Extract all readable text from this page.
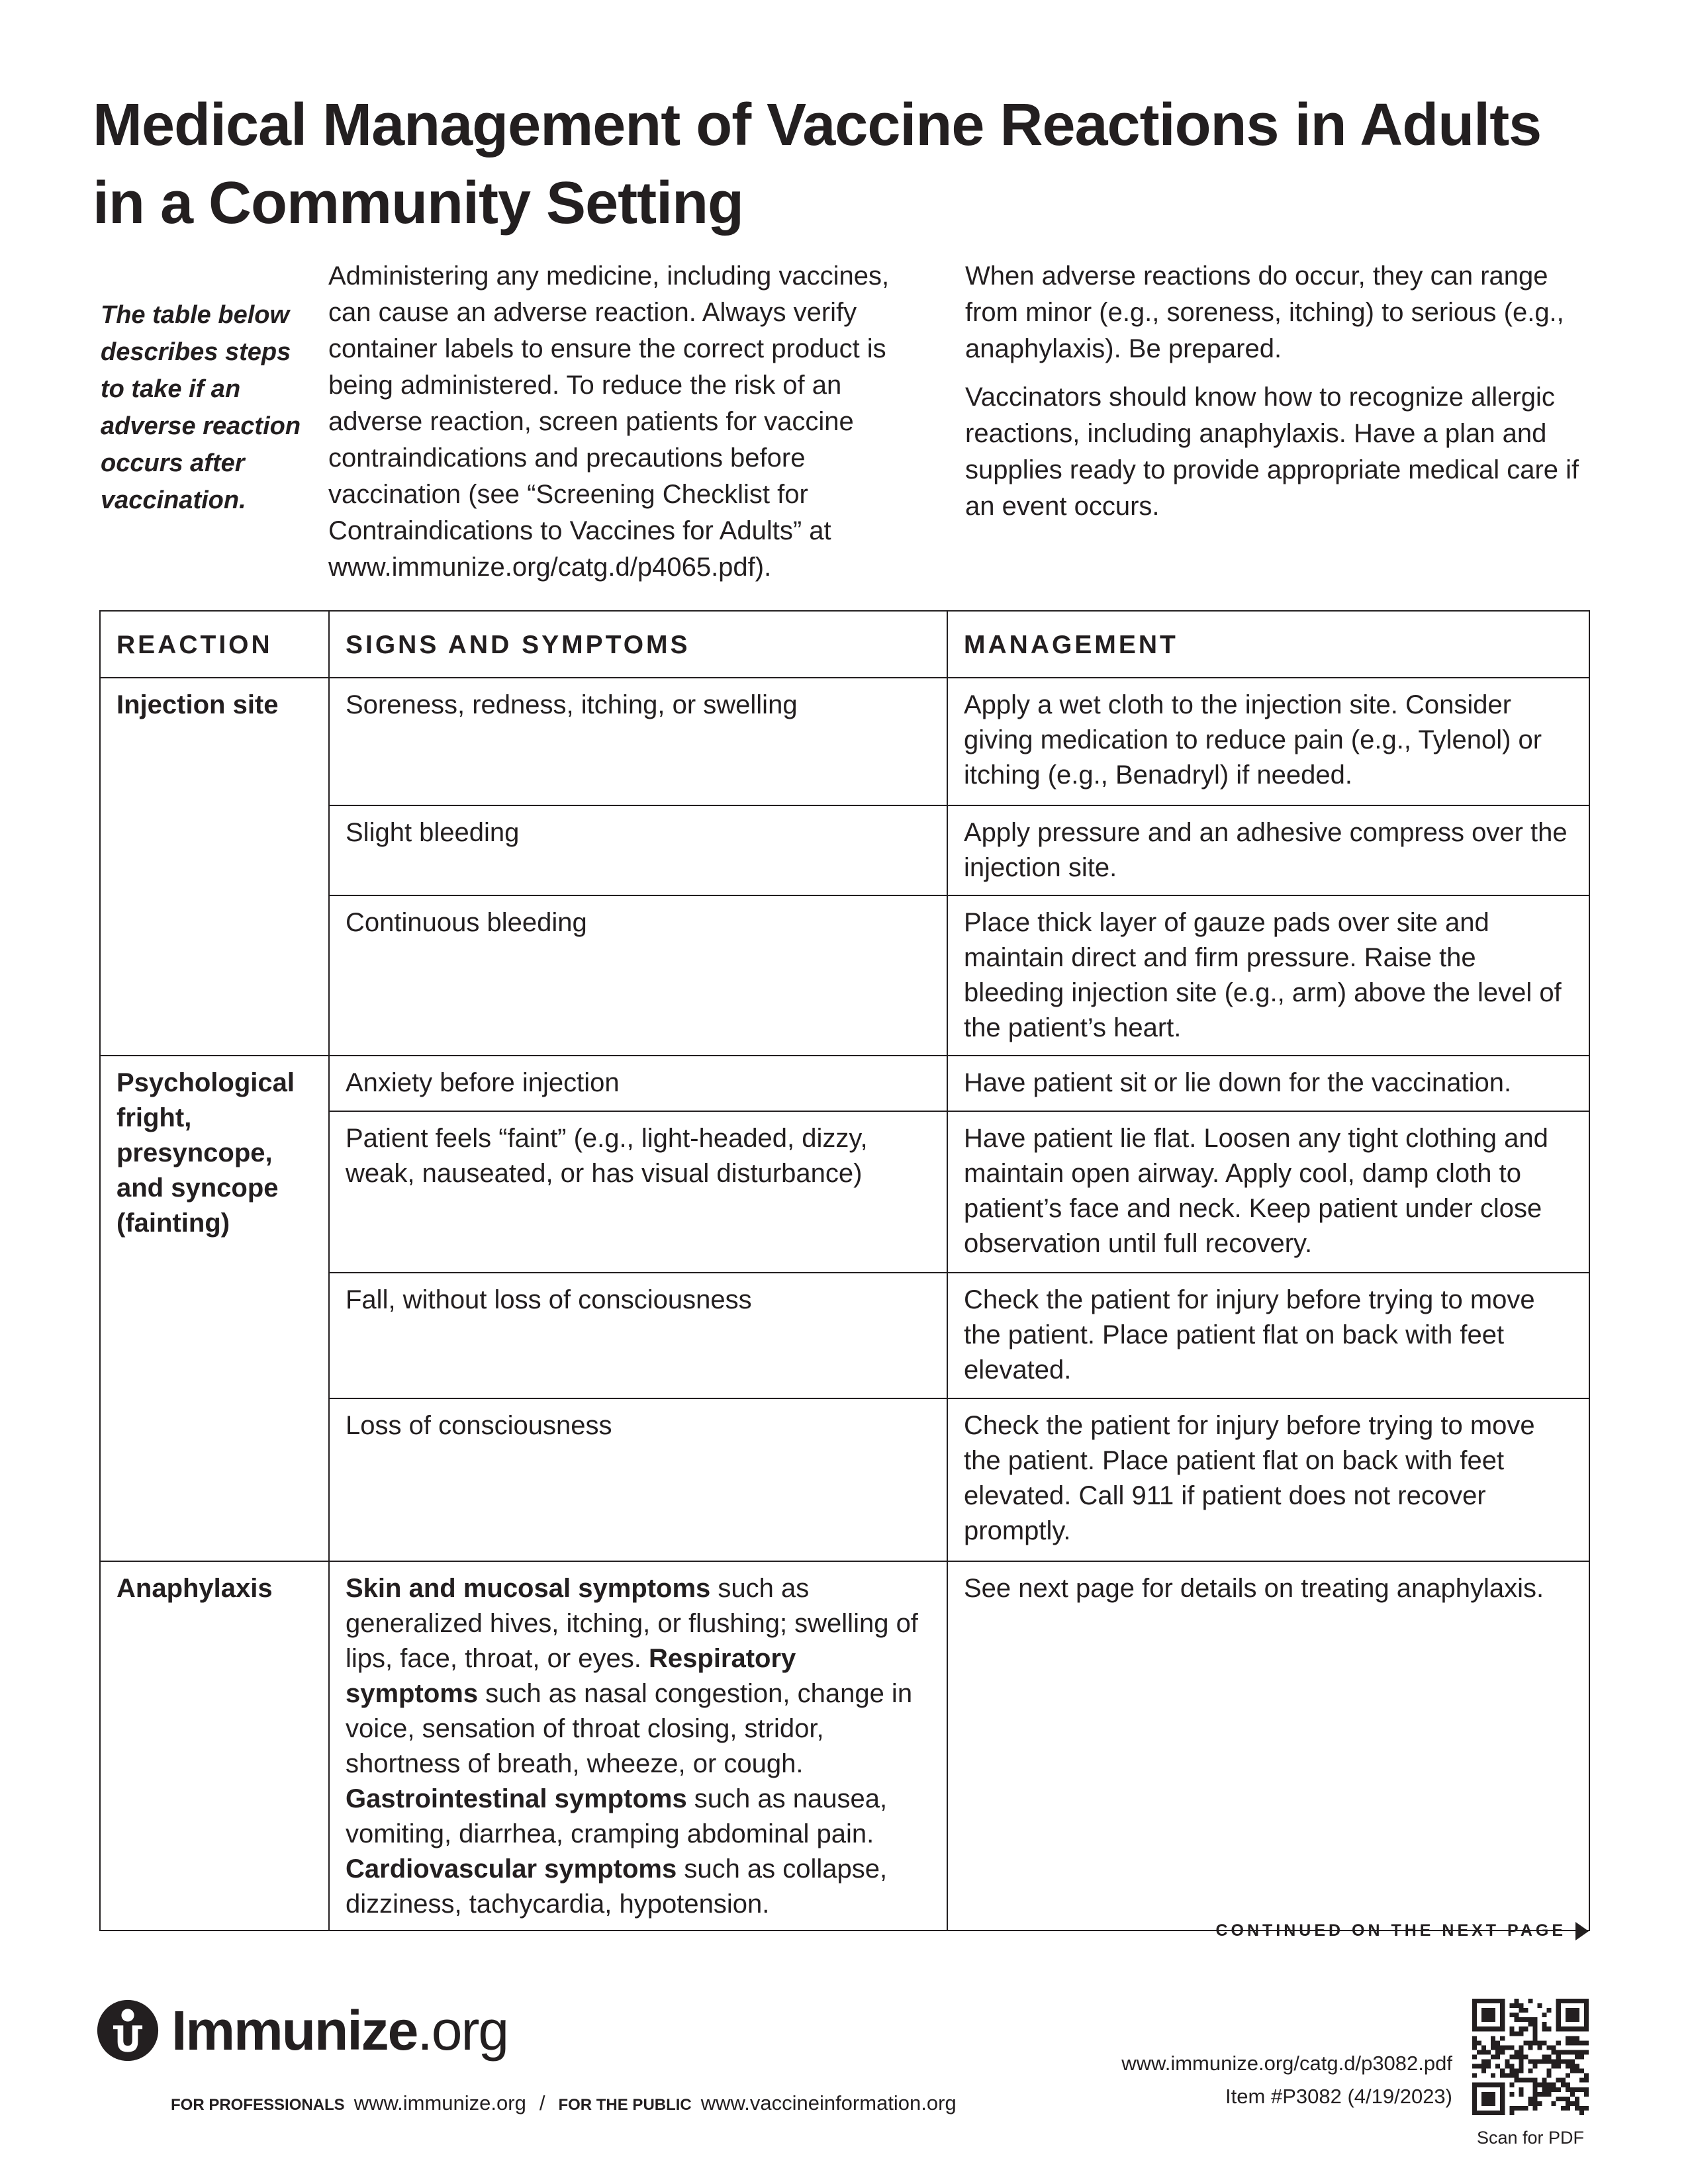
Medical Management of Vaccine Reactions in Adults
in a Community Setting
The table below describes steps to take if an adverse reaction occurs after vaccination.

Administering any medicine, including vaccines, can cause an adverse reaction. Always verify container labels to ensure the correct product is being administered. To reduce the risk of an adverse reaction, screen patients for vaccine contraindications and precautions before vaccination (see “Screening Checklist for Contraindications to Vaccines for Adults” at www.immunize.org/catg.d/p4065.pdf).

When adverse reactions do occur, they can range from minor (e.g., soreness, itching) to serious (e.g., anaphylaxis). Be prepared.

Vaccinators should know how to recognize allergic reactions, including anaphylaxis. Have a plan and supplies ready to provide appropriate medical care if an event occurs.

REACTION	SIGNS AND SYMPTOMS	MANAGEMENT
Injection site	Soreness, redness, itching, or swelling	Apply a wet cloth to the injection site. Consider giving medication to reduce pain (e.g., Tylenol) or itching (e.g., Benadryl) if needed.
	Slight bleeding	Apply pressure and an adhesive compress over the injection site.
	Continuous bleeding	Place thick layer of gauze pads over site and maintain direct and firm pressure. Raise the bleeding injection site (e.g., arm) above the level of the patient’s heart.
Psychological fright, presyncope, and syncope (fainting)	Anxiety before injection	Have patient sit or lie down for the vaccination.
	Patient feels “faint” (e.g., light-headed, dizzy, weak, nauseated, or has visual disturbance)	Have patient lie flat. Loosen any tight clothing and maintain open airway. Apply cool, damp cloth to patient’s face and neck. Keep patient under close observation until full recovery.
	Fall, without loss of consciousness	Check the patient for injury before trying to move the patient. Place patient flat on back with feet elevated.
	Loss of consciousness	Check the patient for injury before trying to move the patient. Place patient flat on back with feet elevated. Call 911 if patient does not recover promptly.
Anaphylaxis	Skin and mucosal symptoms such as generalized hives, itching, or flushing; swelling of lips, face, throat, or eyes. Respiratory symptoms such as nasal congestion, change in voice, sensation of throat closing, stridor, shortness of breath, wheeze, or cough. Gastrointestinal symptoms such as nausea, vomiting, diarrhea, cramping abdominal pain. Cardiovascular symptoms such as collapse, dizziness, tachycardia, hypotension.	See next page for details on treating anaphylaxis.
CONTINUED ON THE NEXT PAGE
Immunize.org
FOR PROFESSIONALS www.immunize.org / FOR THE PUBLIC www.vaccineinformation.org
www.immunize.org/catg.d/p3082.pdf
Item #P3082 (4/19/2023)
Scan for PDF
